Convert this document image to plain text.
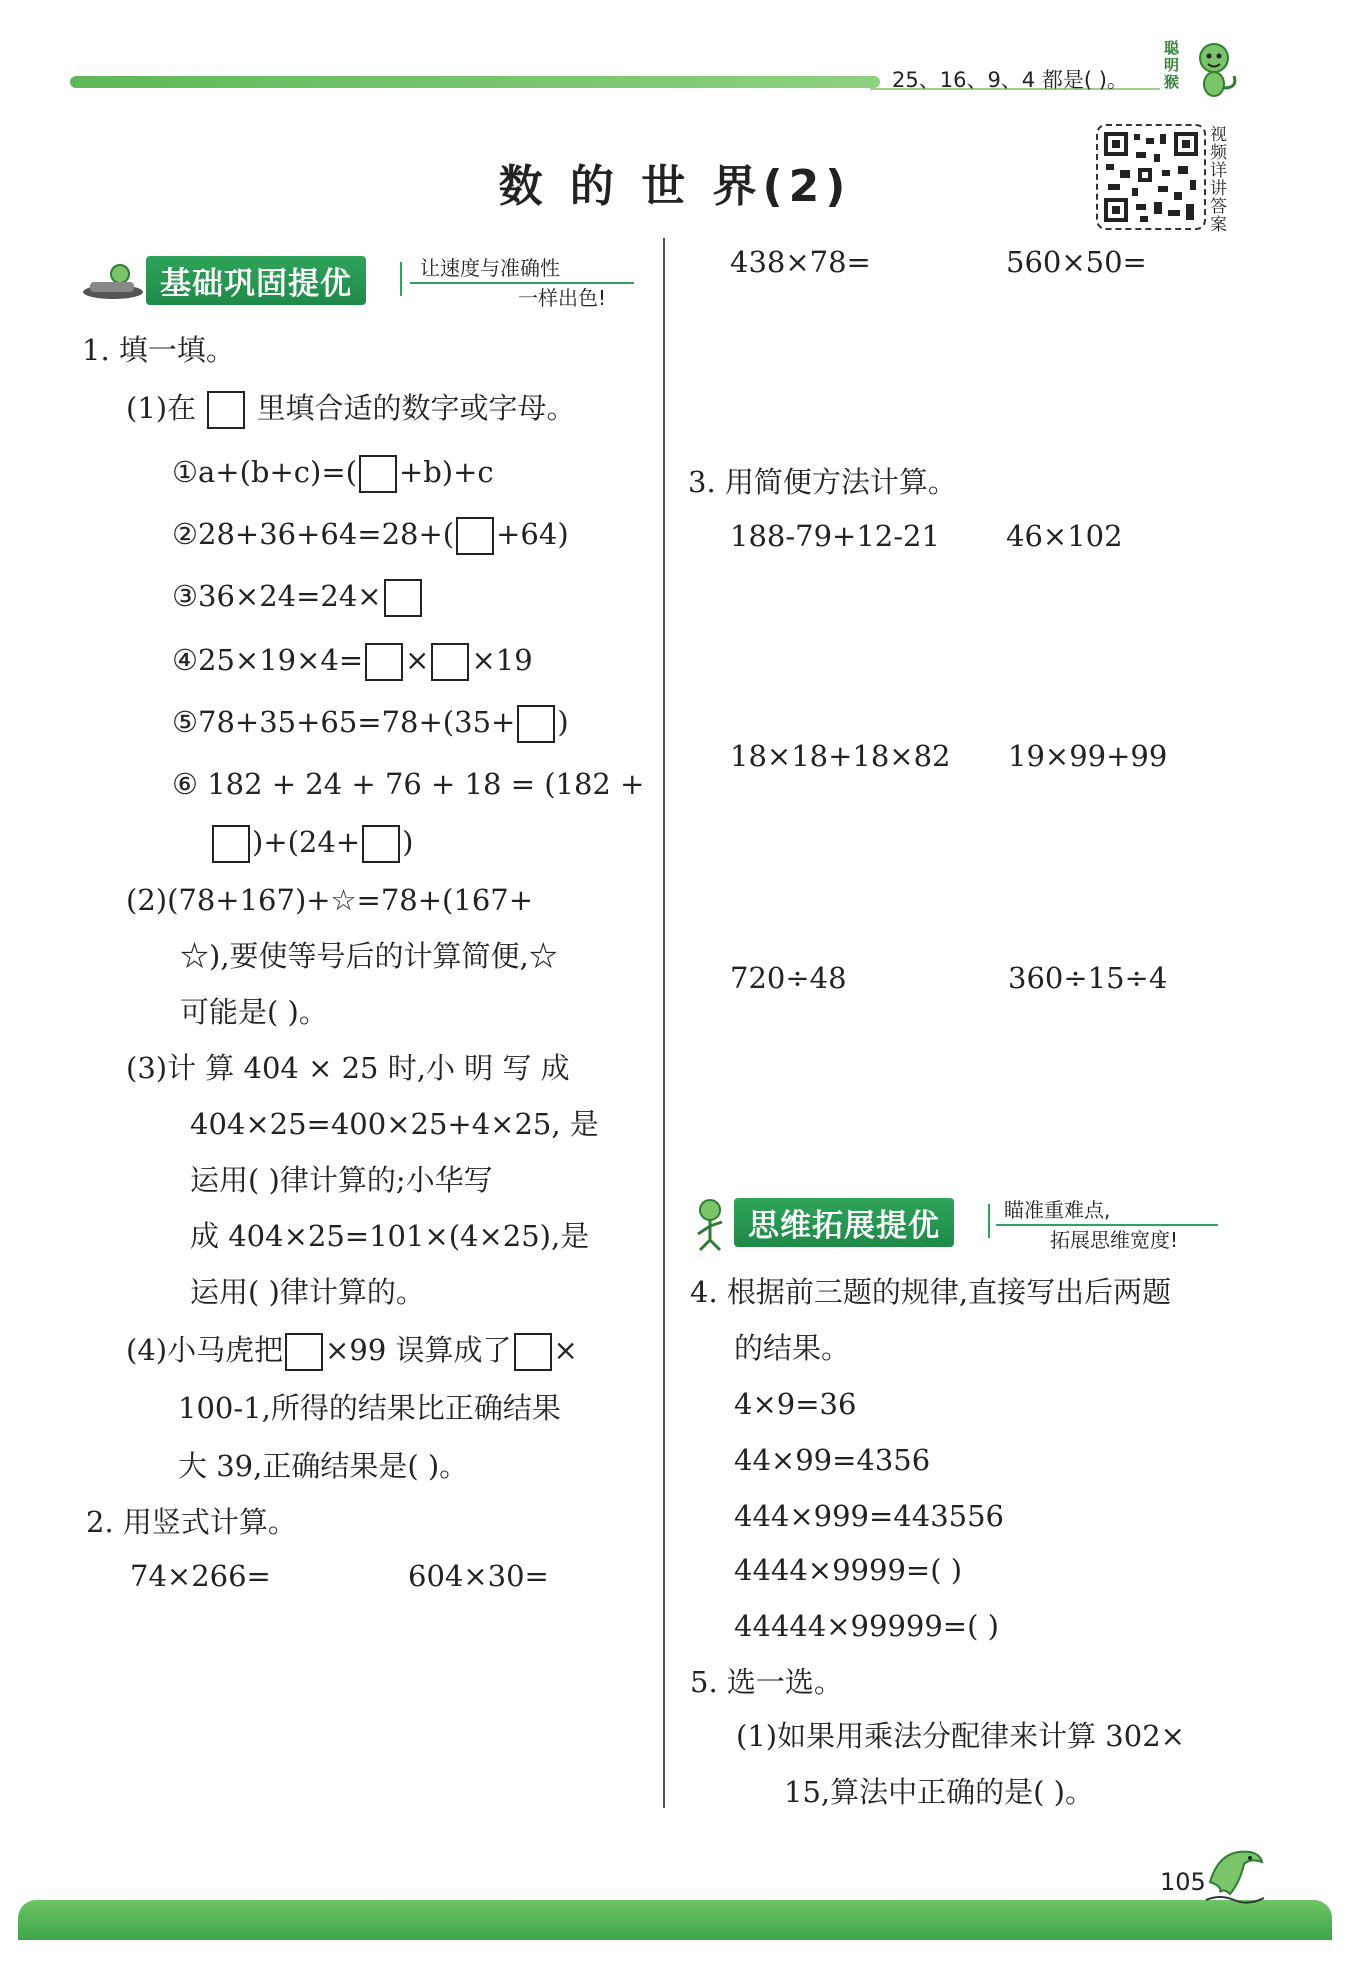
25、16、9、4 都是( )。
聪明猴
数 的 世 界(2)
视频详讲答案
基础巩固提优	让速度与准确性
一样出色!
1. 填一填。
(1)在 里填合适的数字或字母。
①a+(b+c)=( +b)+c
②28+36+64=28+( +64)
③36×24=24×
④25×19×4= × ×19
⑤78+35+65=78+(35+ )
⑥ 182 + 24 + 76 + 18 = (182 +
)+(24+ )
(2)(78+167)+☆=78+(167+
☆),要使等号后的计算简便,☆
可能是( )。
(3)计 算 404 × 25 时,小 明 写 成
404×25=400×25+4×25, 是
运用( )律计算的;小华写
成 404×25=101×(4×25),是
运用( )律计算的。
(4)小马虎把 ×99 误算成了 ×
100-1,所得的结果比正确结果
大 39,正确结果是( )。
2. 用竖式计算。
74×266=	604×30=
438×78=	560×50=
3. 用简便方法计算。
188-79+12-21 46×102
18×18+18×82 19×99+99
720÷48	360÷15÷4
思维拓展提优	瞄准重难点,
拓展思维宽度!
4. 根据前三题的规律,直接写出后两题
的结果。
4×9=36
44×99=4356
444×999=443556
4444×9999=( )
44444×99999=( )
5. 选一选。
(1)如果用乘法分配律来计算 302×
15,算法中正确的是( )。
105
